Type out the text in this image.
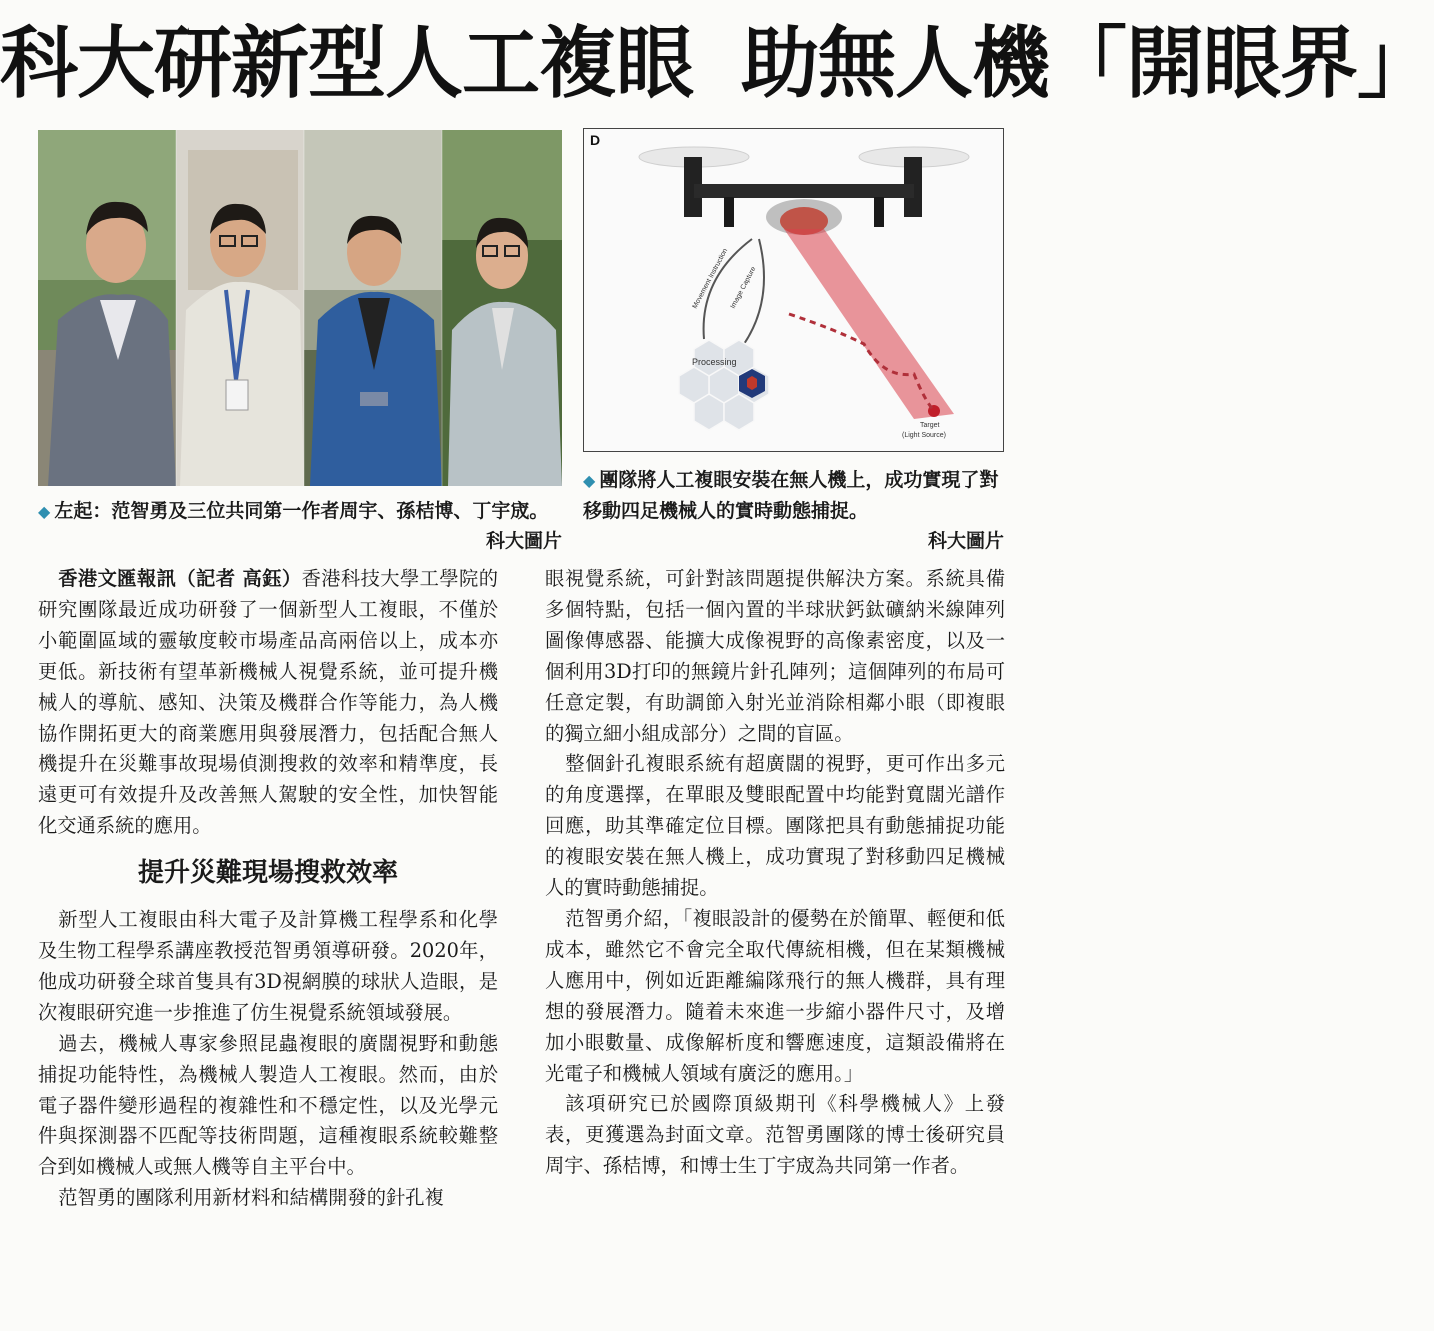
科大研新型人工複眼 助無人機「開眼界」
D
Movement Instruction Image Capture
Processing
Target
(Light Source)
◆ 左起：范智勇及三位共同第一作者周宇、孫桔博、丁宇宬。
科大圖片
◆ 團隊將人工複眼安裝在無人機上，成功實現了對移動四足機械人的實時動態捕捉。
科大圖片

香港文匯報訊（記者 高鈺）香港科技大學工學院的研究團隊最近成功研發了一個新型人工複眼，不僅於小範圍區域的靈敏度較市場產品高兩倍以上，成本亦更低。新技術有望革新機械人視覺系統，並可提升機械人的導航、感知、決策及機群合作等能力，為人機協作開拓更大的商業應用與發展潛力，包括配合無人機提升在災難事故現場偵測搜救的效率和精準度，長遠更可有效提升及改善無人駕駛的安全性，加快智能化交通系統的應用。

提升災難現場搜救效率

新型人工複眼由科大電子及計算機工程學系和化學及生物工程學系講座教授范智勇領導研發。2020年，他成功研發全球首隻具有3D視網膜的球狀人造眼，是次複眼研究進一步推進了仿生視覺系統領域發展。

過去，機械人專家參照昆蟲複眼的廣闊視野和動態捕捉功能特性，為機械人製造人工複眼。然而，由於電子器件變形過程的複雜性和不穩定性，以及光學元件與探測器不匹配等技術問題，這種複眼系統較難整合到如機械人或無人機等自主平台中。

范智勇的團隊利用新材料和結構開發的針孔複

眼視覺系統，可針對該問題提供解決方案。系統具備多個特點，包括一個內置的半球狀鈣鈦礦納米線陣列圖像傳感器、能擴大成像視野的高像素密度，以及一個利用3D打印的無鏡片針孔陣列；這個陣列的布局可任意定製，有助調節入射光並消除相鄰小眼（即複眼的獨立細小組成部分）之間的盲區。

整個針孔複眼系統有超廣闊的視野，更可作出多元的角度選擇，在單眼及雙眼配置中均能對寬闊光譜作回應，助其準確定位目標。團隊把具有動態捕捉功能的複眼安裝在無人機上，成功實現了對移動四足機械人的實時動態捕捉。

范智勇介紹，「複眼設計的優勢在於簡單、輕便和低成本，雖然它不會完全取代傳統相機，但在某類機械人應用中，例如近距離編隊飛行的無人機群，具有理想的發展潛力。隨着未來進一步縮小器件尺寸，及增加小眼數量、成像解析度和響應速度，這類設備將在光電子和機械人領域有廣泛的應用。」

該項研究已於國際頂級期刊《科學機械人》上發表，更獲選為封面文章。范智勇團隊的博士後研究員周宇、孫桔博，和博士生丁宇宬為共同第一作者。
